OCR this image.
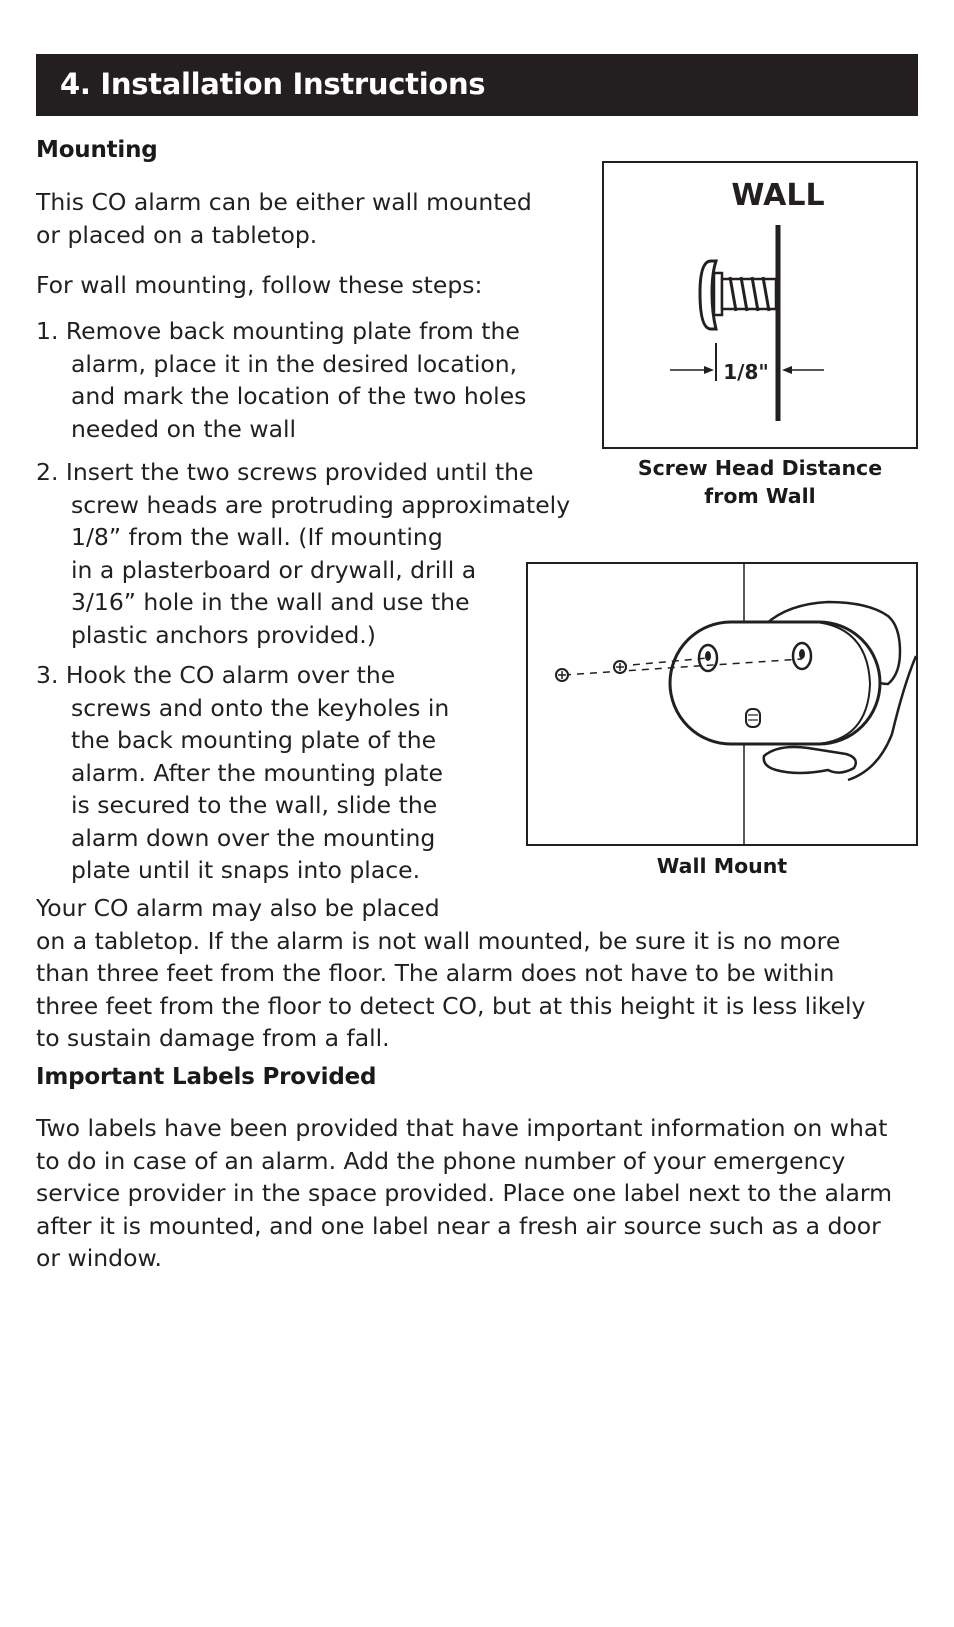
4. Installation Instructions
Mounting

This CO alarm can be either wall mounted
or placed on a tabletop.

For wall mounting, follow these steps:

1. Remove back mounting plate from the
alarm, place it in the desired location,
and mark the location of the two holes
needed on the wall

2. Insert the two screws provided until the
screw heads are protruding approximately
1/8” from the wall. (If mounting
in a plasterboard or drywall, drill a
3/16” hole in the wall and use the
plastic anchors provided.)

3. Hook the CO alarm over the
screws and onto the keyholes in
the back mounting plate of the
alarm. After the mounting plate
is secured to the wall, slide the
alarm down over the mounting
plate until it snaps into place.

Your CO alarm may also be placed
on a tabletop. If the alarm is not wall mounted, be sure it is no more
than three feet from the floor. The alarm does not have to be within
three feet from the floor to detect CO, but at this height it is less likely
to sustain damage from a fall.

Important Labels Provided

Two labels have been provided that have important information on what
to do in case of an alarm. Add the phone number of your emergency
service provider in the space provided. Place one label next to the alarm
after it is mounted, and one label near a fresh air source such as a door
or window.

WALL
1/8"
Screw Head Distance
from Wall
Wall Mount
